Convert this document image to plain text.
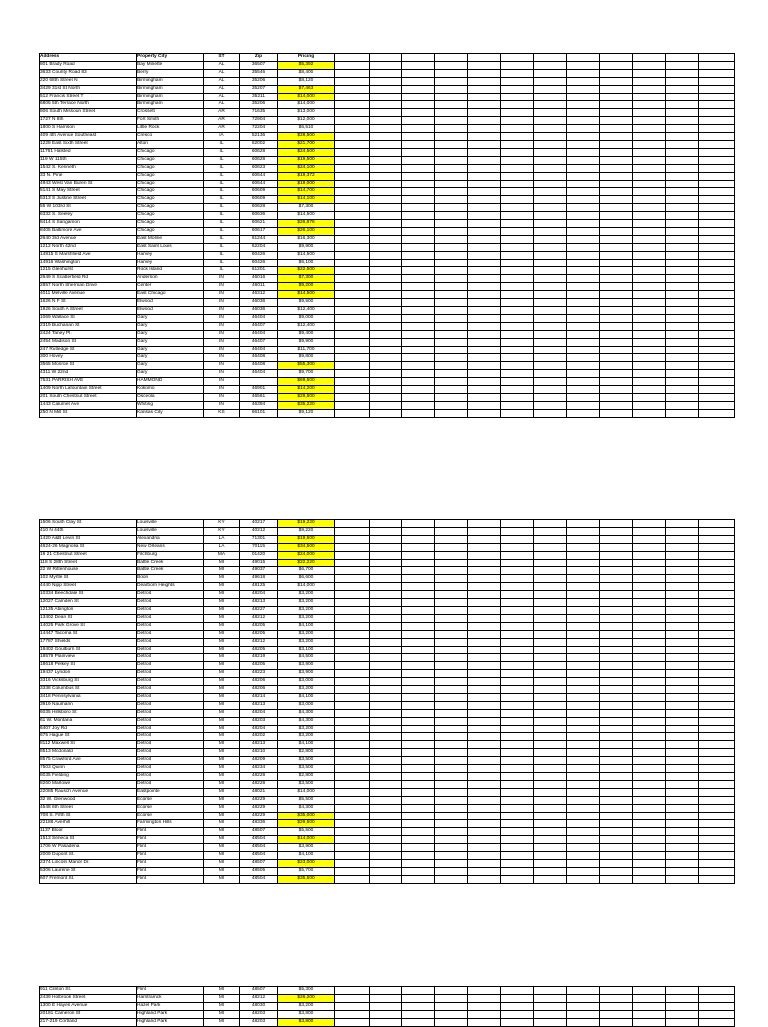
Address	Property City	ST	Zip	Pricing												
801 Brady Road	Bay Minette	AL	36507	$5,392												
3633 County Road 83	Berry	AL	35546	$8,400												
220 68th Street N	Birmingham	AL	35206	$8,120												
3429 31st St North	Birmingham	AL	35207	$7,463												
512 Francis Street T	Birmingham	AL	35211	$14,000												
6805 5th Terrace North	Birmingham	AL	35206	$14,000												
806 South Missouri Street	Crossett	AR	71635	$13,000												
1727 N 8th	Fort Smith	AR	72904	$12,000												
1800 S Harrison	Little Rock	AR	72204	$6,510												
409 4th Avenue Southeast	Cresco	IA	52136	$28,500												
1228 East Sixth Street	Alton	IL	62002	$21,700												
11761 Halsted	Chicago	IL	60628	$24,500												
119 W 115th	Chicago	IL	60628	$19,500												
1542 S. Kenneth	Chicago	IL	60623	$24,100												
33 N. Pine	Chicago	IL	60644	$19,372												
4943 West Van Buren St	Chicago	IL	60644	$19,000												
5141 S May Street	Chicago	IL	60609	$14,700												
5313 S Justine Street	Chicago	IL	60609	$14,100												
55 W 103rd St	Chicago	IL	60628	$7,300												
6332 S. Seeley	Chicago	IL	60636	$14,500												
8414 S Sangamon	Chicago	IL	60621	$26,876												
8405 Baltimore Ave	Chicago	IL	60617	$26,100												
2640 3rd Avenue	East Moline	IL	61244	$16,300												
1212 North 42nd	East Saint Louis	IL	62204	$9,900												
14815 S Marshfield Ave	Harvey	IL	60426	$14,500												
14916 Washington	Harvey	IL	60426	$6,100												
1215 Glenhurst	Rock Island	IL	61201	$22,500												
2649 S Scatterfield Rd	Anderson	IN	46016	$7,300												
2857 North Sherman Drive	Center	IN	46011	$9,200												
4011 Melville Avenue	East Chicago	IN	46312	$14,500												
1626 N F St	Elwood	IN	46036	$9,500												
1926 South A Street	Elwood	IN	46036	$12,400												
1069 Wallace St	Gary	IN	46404	$9,000												
2319 Buchanan St	Gary	IN	46407	$12,400												
2424 Taney Pl.	Gary	IN	46404	$9,400												
2454 Madison St	Gary	IN	46407	$9,900												
247 Rutledge St	Gary	IN	46404	$11,700												
300 Hovey	Gary	IN	46408	$9,800												
3565 Monroe St	Gary	IN	46408	$55,300												
4311 W 22nd	Gary	IN	46404	$9,700												
7531 PARRISH AVE	HAMMOND	IN		$69,500												
1409 North Lafountain Street	Kokomo	IN	46901	$14,200												
201 South Chestnut Street	Osceola	IN	46561	$29,500												
1443 Calumet Ave	Whiting	IN	46394	$35,220												
250 N Mill St	Kansas City	KS	66101	$9,120												
1506 South Clay St	Louisville	KY	40217	$19,220												
410 N 44th	Louisville	KY	40212	$9,220												
1420 A&B Levin St	Alexandria	LA	71301	$19,500												
4624-26 Magnolia St	New Orleans	LA	70115	$34,500												
19 21 Chestnut Street	Fitchburg	MA	01420	$24,000												
118 S 28th Street	Battle Creek	MI	49015	$22,220												
22 W Rittenhouse	Battle Creek	MI	49037	$6,700												
102 Myrtle St	Boon	MI	49618	$6,600												
4440 Nipp Street	Dearborn Heights	MI	48125	$14,000												
10334 Beechdale St	Detroit	MI	48204	$3,200												
12027 Camden St	Detroit	MI	48213	$3,200												
12135 Abington	Detroit	MI	48227	$3,200												
13402 Dean St	Detroit	MI	48212	$3,200												
14025 Park Grove St	Detroit	MI	48205	$4,100												
14447 Tacoma St	Detroit	MI	48205	$3,200												
17787 Shields	Detroit	MI	48212	$3,200												
18402 Goulburn St	Detroit	MI	48205	$3,100												
18579 Plainview	Detroit	MI	48219	$4,500												
18618 Pelkey St	Detroit	MI	48205	$3,900												
19437 Lyndon	Detroit	MI	48223	$3,900												
3316 Vicksburg St	Detroit	MI	48206	$3,000												
3338 Columbus St	Detroit	MI	48206	$3,200												
3418 Pennsylvania	Detroit	MI	48214	$4,100												
3919 Naumann	Detroit	MI	48213	$3,000												
6035 Hillsboro St	Detroit	MI	48204	$4,300												
61 W. Montana	Detroit	MI	48203	$4,300												
6407 Joy Rd	Detroit	MI	48204	$3,200												
675 Hague St	Detroit	MI	48202	$3,200												
8112 Maxwell St	Detroit	MI	48213	$4,100												
8513 Mcdonald	Detroit	MI	48210	$2,800												
8575 Crawford Ave	Detroit	MI	48209	$3,500												
7503 Quinn	Detroit	MI	48234	$3,500												
8035 Fielding	Detroit	MI	48228	$2,800												
8260 Marlowe	Detroit	MI	48228	$3,500												
22085 Rausch Avenue	Eastpointe	MI	48021	$14,000												
32 W. Glenwood	Ecorse	MI	48229	$5,500												
4548 6th Street	Ecorse	MI	48229	$4,300												
708 S. Fifth St	Ecorse	MI	48229	$35,000												
22188 Averhill	Farmington Hills	MI	48336	$29,500												
1137 Bloor	Flint	MI	48507	$5,500												
1513 Seneca St	Flint	MI	48504	$14,000												
1706 W Pasadena	Flint	MI	48504	$3,900												
2009 Dupont St.	Flint	MI	48504	$4,100												
2374 Lincoln Manor Dr.	Flint	MI	48507	$23,000												
5306 Laurene St	Flint	MI	48505	$5,700												
607 Fremont St.	Flint	MI	48504	$35,500												
911 Clinton St.	Flint	MI	48507	$5,300												
2439 Holbrook Street	Hamtramck	MI	48212	$26,200												
1300 E Hayes Avenue	Hazel Park	MI	48030	$3,200												
20181 Cameron St	Highland Park	MI	48203	$3,800												
217-219 Cortland	Highland Park	MI	48203	$3,800												
